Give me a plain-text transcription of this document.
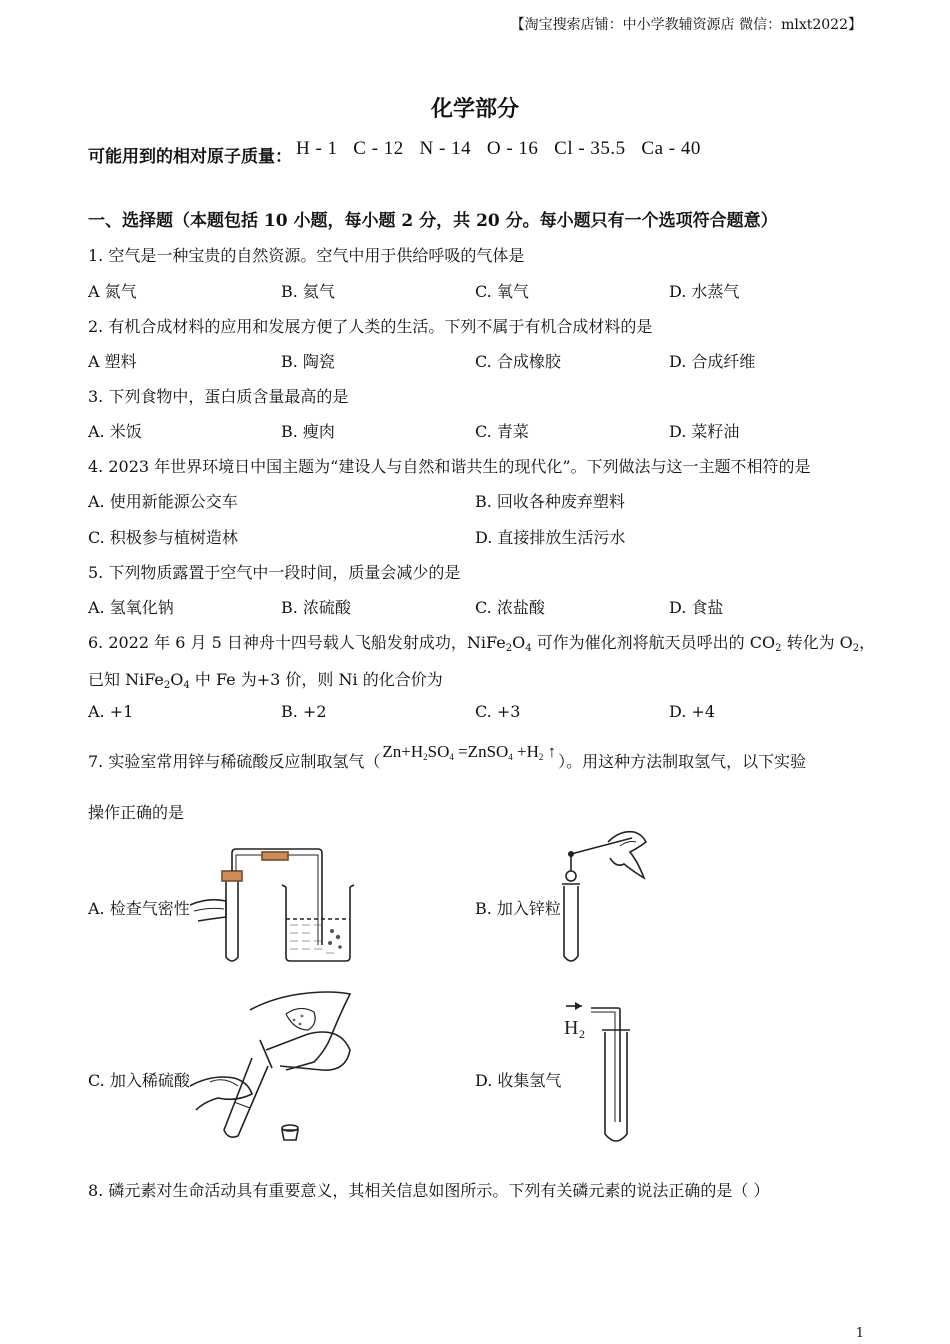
【淘宝搜索店铺：中小学教辅资源店 微信：mlxt2022】
化学部分
可能用到的相对原子质量： H - 1   C - 12   N - 14   O - 16   Cl - 35.5   Ca - 40
一、选择题（本题包括 10 小题，每小题 2 分，共 20 分。每小题只有一个选项符合题意）
1. 空气是一种宝贵的自然资源。空气中用于供给呼吸的气体是
A 氮气	B. 氦气	C. 氧气	D. 水蒸气
2. 有机合成材料的应用和发展方便了人类的生活。下列不属于有机合成材料的是
A 塑料	B. 陶瓷	C. 合成橡胶	D. 合成纤维
3. 下列食物中，蛋白质含量最高的是
A. 米饭	B. 瘦肉	C. 青菜	D. 菜籽油
4. 2023 年世界环境日中国主题为“建设人与自然和谐共生的现代化”。下列做法与这一主题不相符的是
A. 使用新能源公交车	B. 回收各种废弃塑料
C. 积极参与植树造林	D. 直接排放生活污水
5. 下列物质露置于空气中一段时间，质量会减少的是
A. 氢氧化钠	B. 浓硫酸	C. 浓盐酸	D. 食盐
6. 2022 年 6 月 5 日神舟十四号载人飞船发射成功，$NiFe_2O_4$ 可作为催化剂将航天员呼出的 $CO_2$ 转化为 $O_2$，
已知 $NiFe_2O_4$ 中 Fe 为+3 价，则 Ni 的化合价为
A. +1	B. +2	C. +3	D. +4
7. 实验室常用锌与稀硫酸反应制取氢气（$Zn+H_2SO_4$ =ZnSO$_4$ $+H_2$ ↑）。用这种方法制取氢气，以下实验
操作正确的是
A. 检查气密性	B. 加入锌粒
C. 加入稀硫酸	D. 收集氢气
H 2
8. 磷元素对生命活动具有重要意义，其相关信息如图所示。下列有关磷元素的说法正确的是（ ）
1
